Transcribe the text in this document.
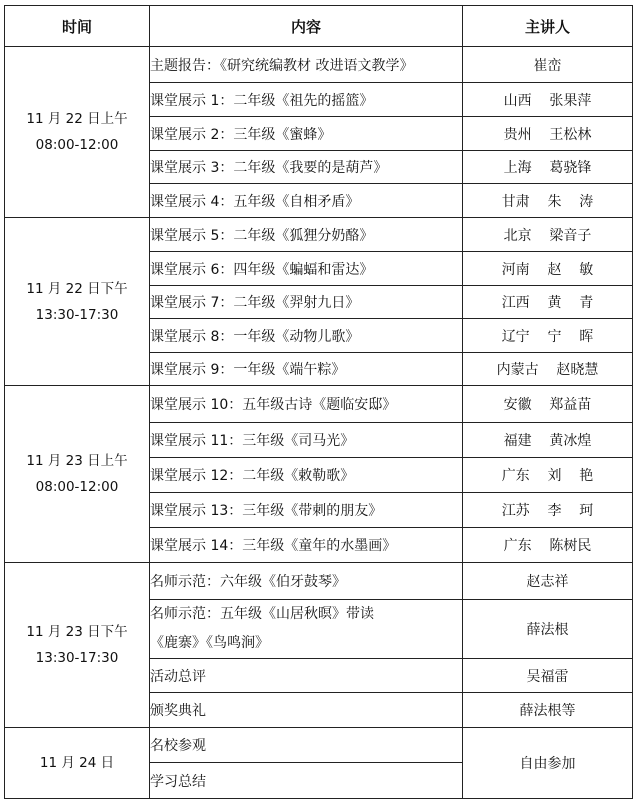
时间	内容	主讲人

11 月 22 日上午
08:00-12:00	主题报告：《研究统编教材 改进语文教学》	崔峦
	课堂展示 1：二年级《祖先的摇篮》	山西    张果萍
	课堂展示 2：三年级《蜜蜂》	贵州    王松林
	课堂展示 3：二年级《我要的是葫芦》	上海    葛骁锋
	课堂展示 4：五年级《自相矛盾》	甘肃    朱    涛

11 月 22 日下午
13:30-17:30	课堂展示 5：二年级《狐狸分奶酪》	北京    梁音子
	课堂展示 6：四年级《蝙蝠和雷达》	河南    赵    敏
	课堂展示 7：二年级《羿射九日》	江西    黄    青
	课堂展示 8：一年级《动物儿歌》	辽宁    宁    晖
	课堂展示 9：一年级《端午粽》	内蒙古    赵晓慧

11 月 23 日上午
08:00-12:00	课堂展示 10：五年级古诗《题临安邸》	安徽    郑益苗
	课堂展示 11：三年级《司马光》	福建    黄冰煌
	课堂展示 12：二年级《敕勒歌》	广东    刘    艳
	课堂展示 13：三年级《带刺的朋友》	江苏    李    珂
	课堂展示 14：三年级《童年的水墨画》	广东    陈树民

11 月 23 日下午
13:30-17:30	名师示范：六年级《伯牙鼓琴》	赵志祥

	名师示范：五年级《山居秋暝》带读
《鹿寨》《鸟鸣涧》	薛法根
	活动总评	吴福雷
	颁奖典礼	薛法根等

11 月 24 日	名校参观	自由参加
	学习总结	
